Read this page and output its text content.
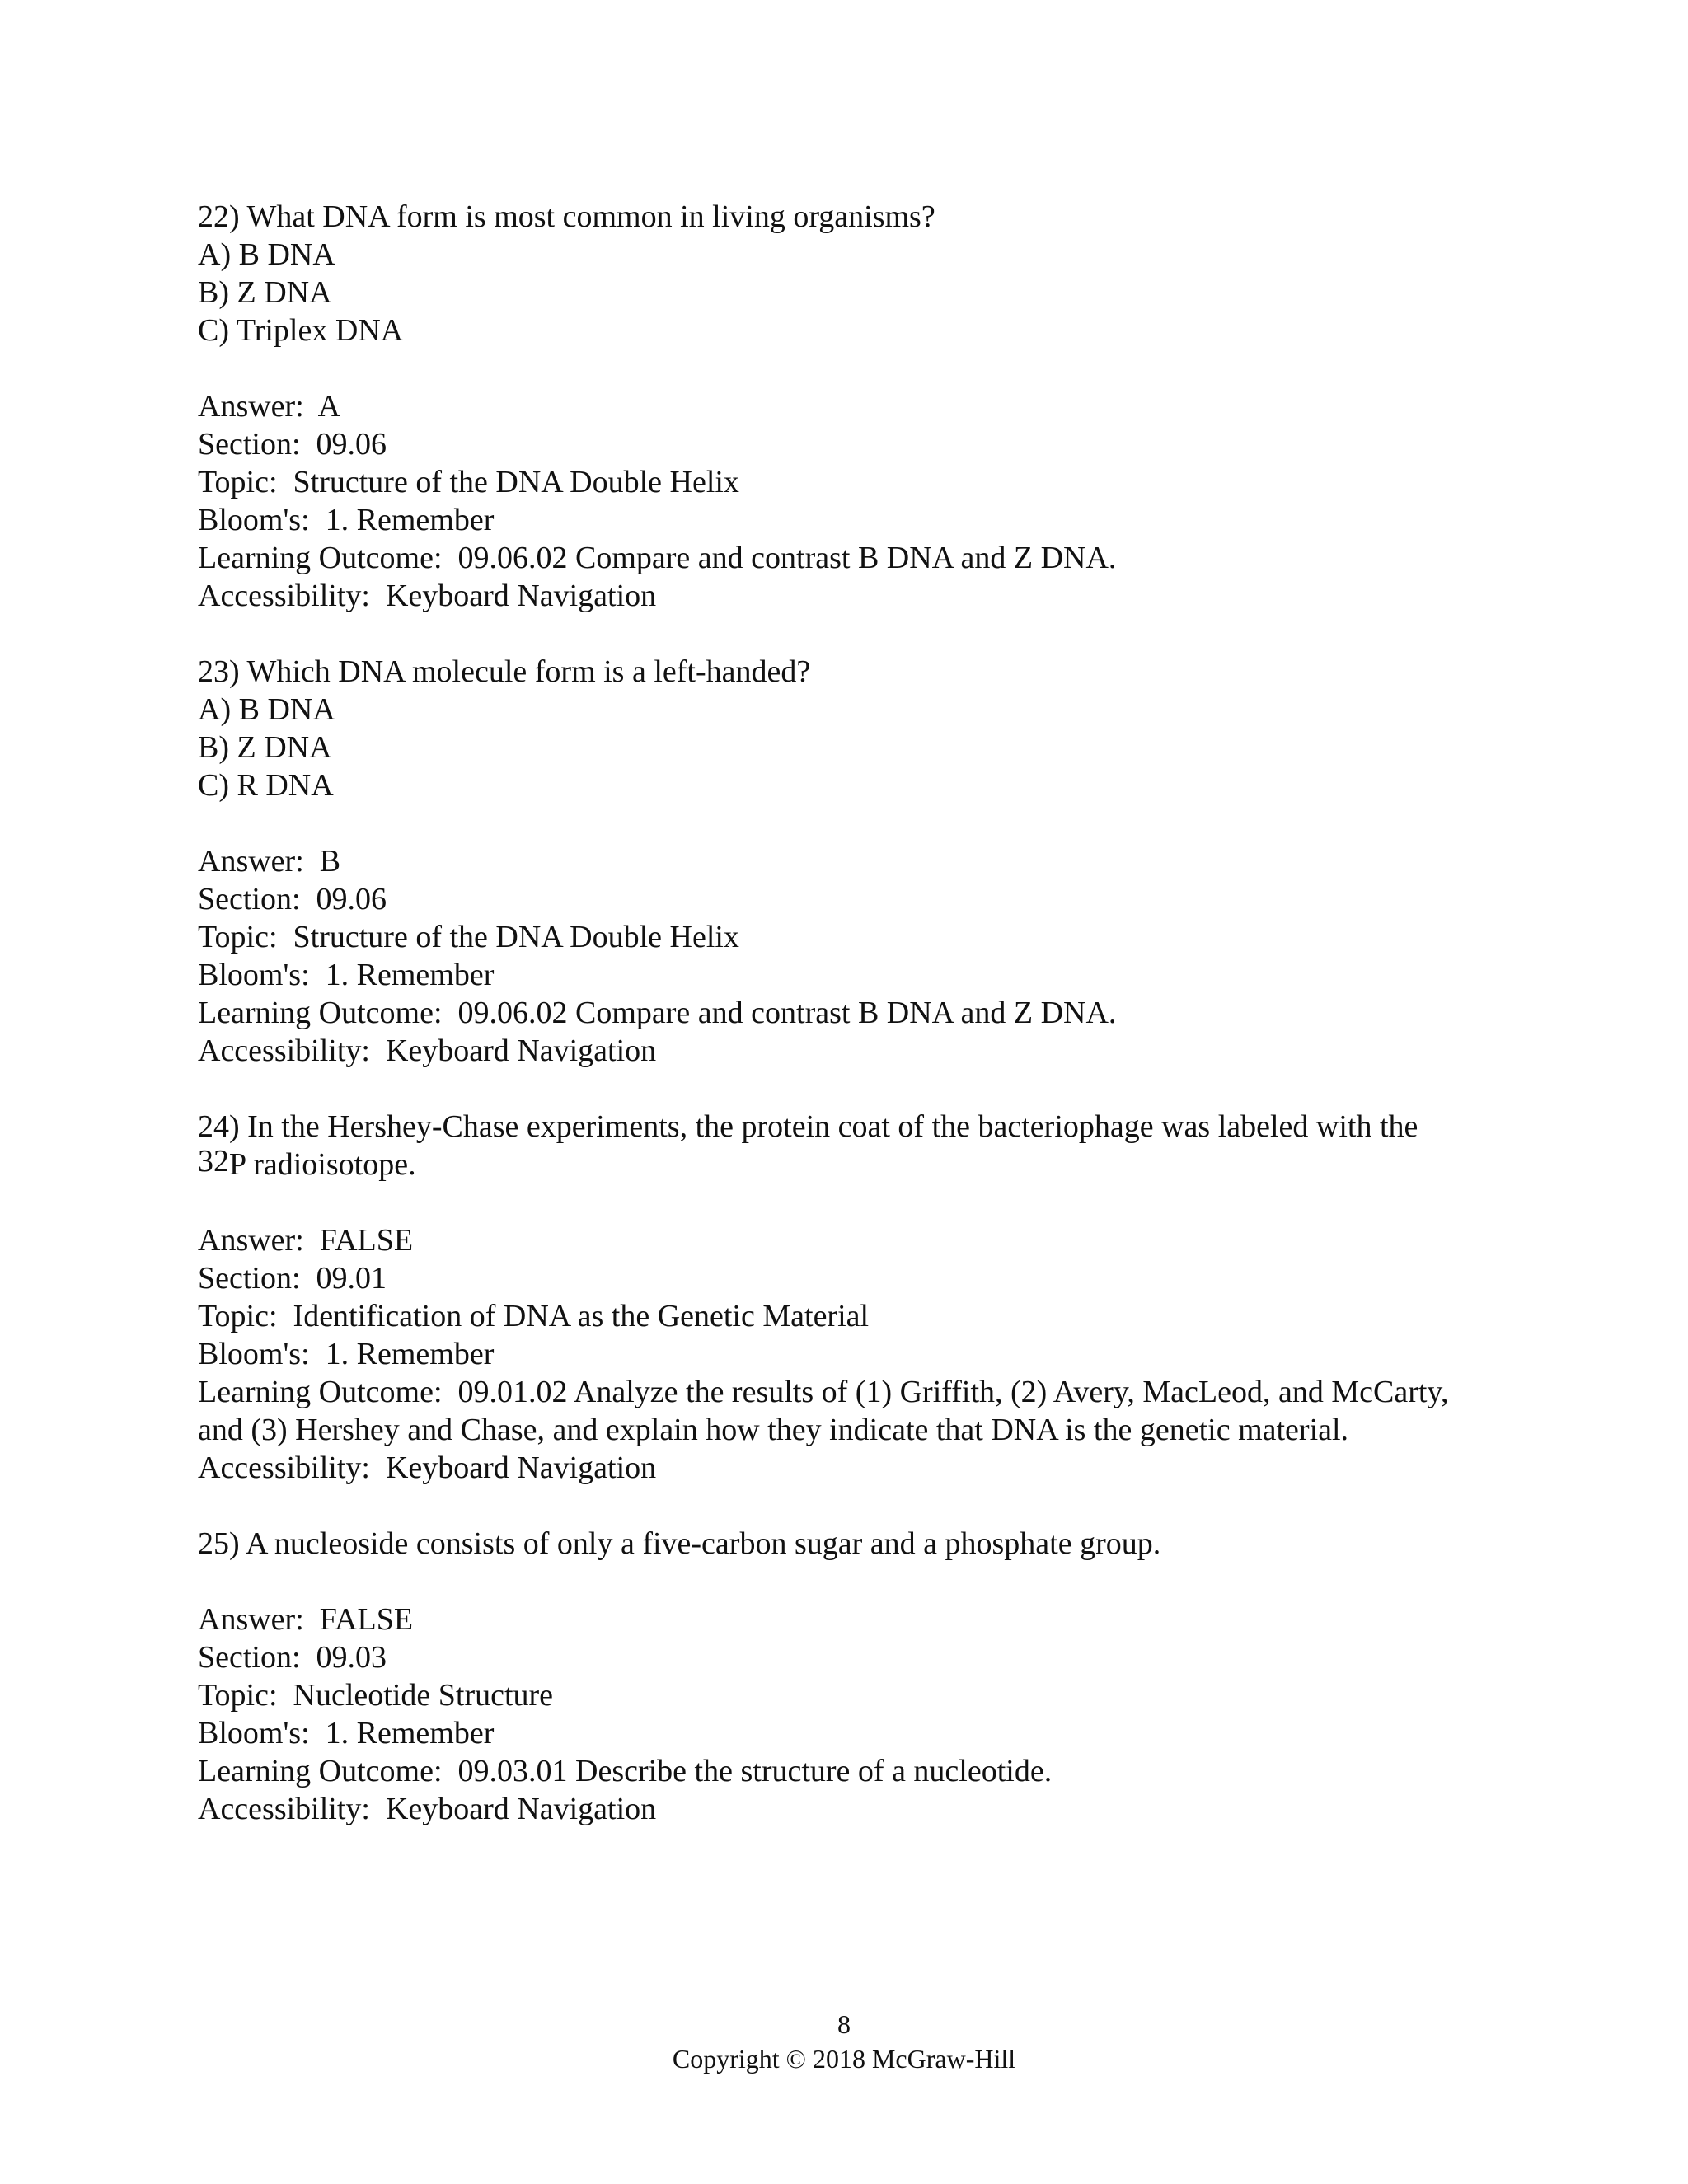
22) What DNA form is most common in living organisms?
A) B DNA
B) Z DNA
C) Triplex DNA
Answer:  A
Section:  09.06
Topic:  Structure of the DNA Double Helix
Bloom's:  1. Remember
Learning Outcome:  09.06.02 Compare and contrast B DNA and Z DNA.
Accessibility:  Keyboard Navigation
23) Which DNA molecule form is a left-handed?
A) B DNA
B) Z DNA
C) R DNA
Answer:  B
Section:  09.06
Topic:  Structure of the DNA Double Helix
Bloom's:  1. Remember
Learning Outcome:  09.06.02 Compare and contrast B DNA and Z DNA.
Accessibility:  Keyboard Navigation
24) In the Hershey-Chase experiments, the protein coat of the bacteriophage was labeled with the
$^{32}$P radioisotope.
Answer:  FALSE
Section:  09.01
Topic:  Identification of DNA as the Genetic Material
Bloom's:  1. Remember
Learning Outcome:  09.01.02 Analyze the results of (1) Griffith, (2) Avery, MacLeod, and McCarty, and (3) Hershey and Chase, and explain how they indicate that DNA is the genetic material.
Accessibility:  Keyboard Navigation
25) A nucleoside consists of only a five-carbon sugar and a phosphate group.
Answer:  FALSE
Section:  09.03
Topic:  Nucleotide Structure
Bloom's:  1. Remember
Learning Outcome:  09.03.01 Describe the structure of a nucleotide.
Accessibility:  Keyboard Navigation
8
Copyright © 2018 McGraw-Hill
